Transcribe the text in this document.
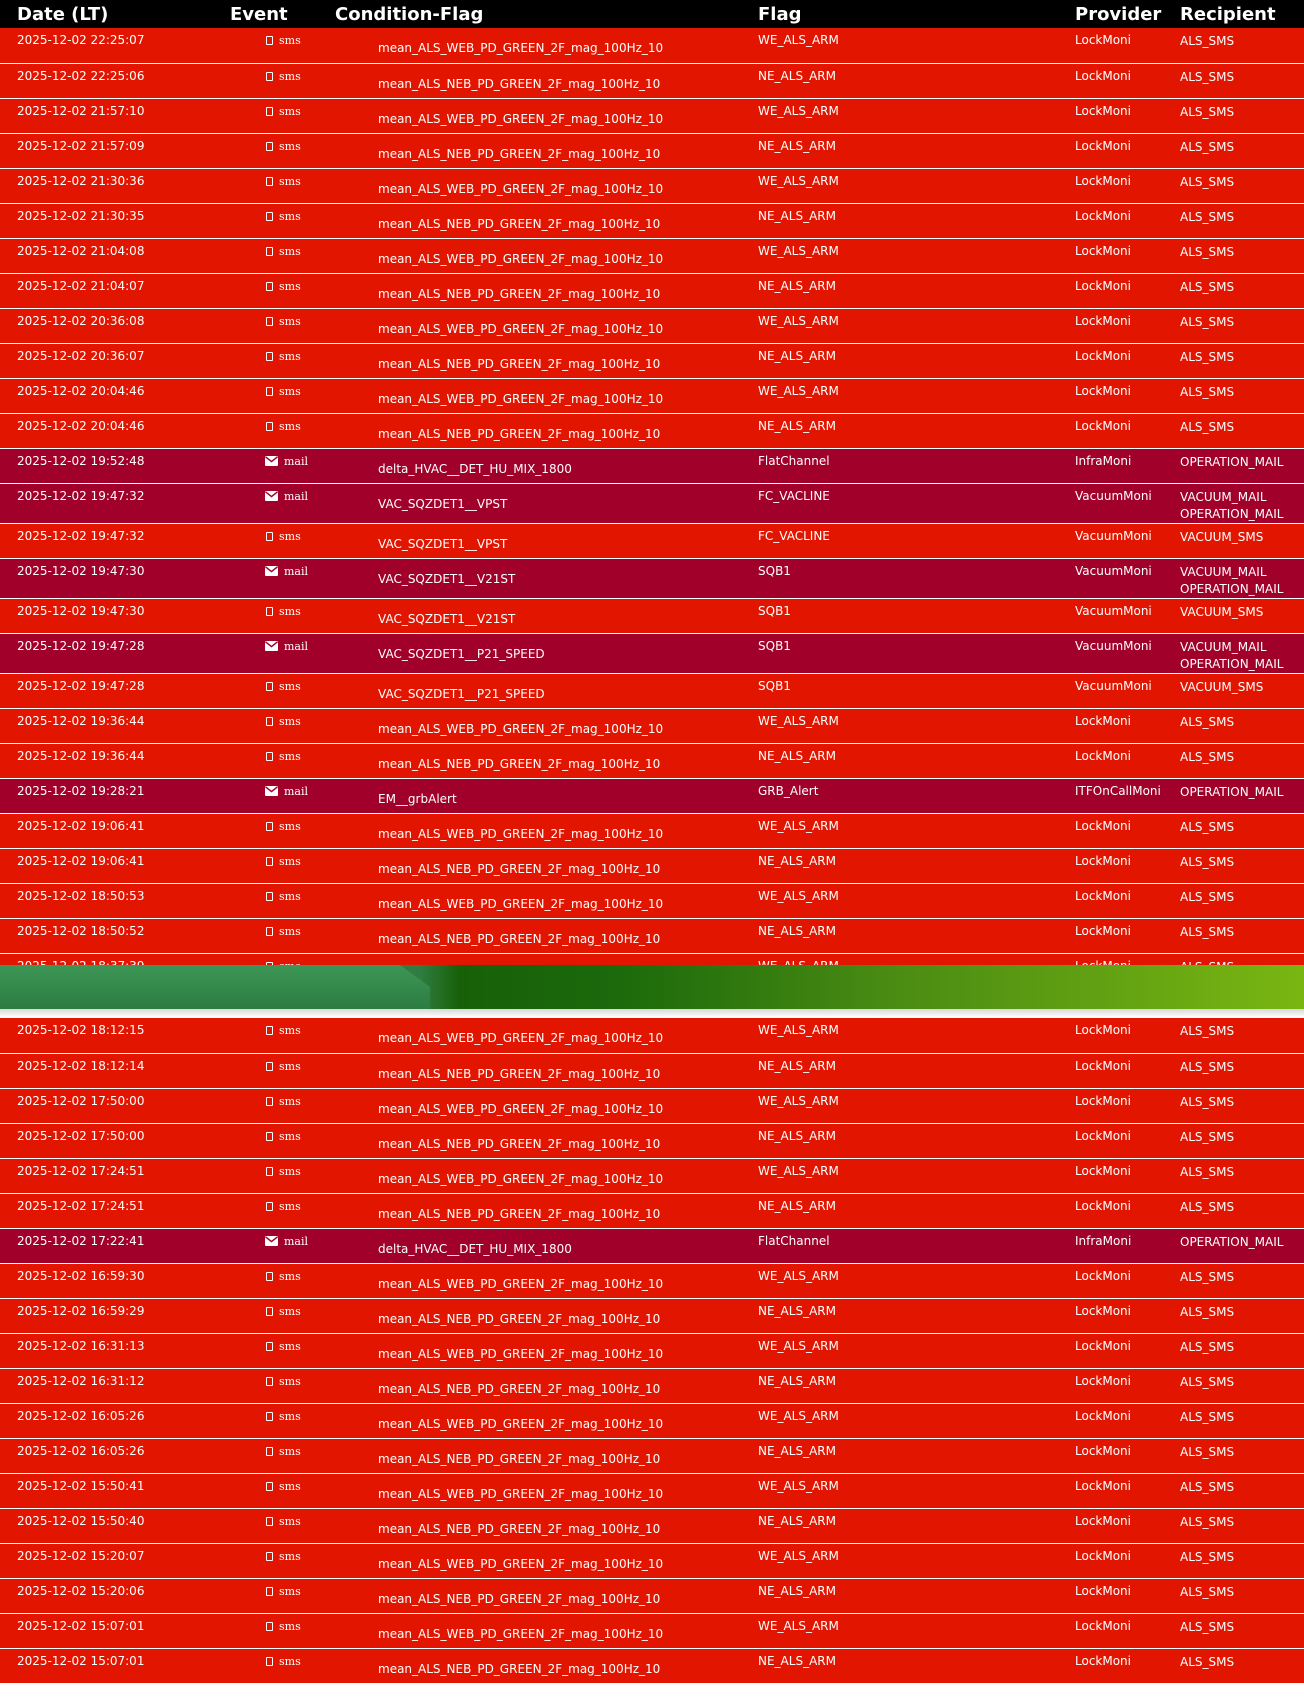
Date (LT)	Event	Condition-Flag	Flag	Provider	Recipient
2025-12-02 22:25:07	sms	mean_ALS_WEB_PD_GREEN_2F_mag_100Hz_10	WE_ALS_ARM	LockMoni	ALS_SMS
2025-12-02 22:25:06	sms	mean_ALS_NEB_PD_GREEN_2F_mag_100Hz_10	NE_ALS_ARM	LockMoni	ALS_SMS
2025-12-02 21:57:10	sms	mean_ALS_WEB_PD_GREEN_2F_mag_100Hz_10	WE_ALS_ARM	LockMoni	ALS_SMS
2025-12-02 21:57:09	sms	mean_ALS_NEB_PD_GREEN_2F_mag_100Hz_10	NE_ALS_ARM	LockMoni	ALS_SMS
2025-12-02 21:30:36	sms	mean_ALS_WEB_PD_GREEN_2F_mag_100Hz_10	WE_ALS_ARM	LockMoni	ALS_SMS
2025-12-02 21:30:35	sms	mean_ALS_NEB_PD_GREEN_2F_mag_100Hz_10	NE_ALS_ARM	LockMoni	ALS_SMS
2025-12-02 21:04:08	sms	mean_ALS_WEB_PD_GREEN_2F_mag_100Hz_10	WE_ALS_ARM	LockMoni	ALS_SMS
2025-12-02 21:04:07	sms	mean_ALS_NEB_PD_GREEN_2F_mag_100Hz_10	NE_ALS_ARM	LockMoni	ALS_SMS
2025-12-02 20:36:08	sms	mean_ALS_WEB_PD_GREEN_2F_mag_100Hz_10	WE_ALS_ARM	LockMoni	ALS_SMS
2025-12-02 20:36:07	sms	mean_ALS_NEB_PD_GREEN_2F_mag_100Hz_10	NE_ALS_ARM	LockMoni	ALS_SMS
2025-12-02 20:04:46	sms	mean_ALS_WEB_PD_GREEN_2F_mag_100Hz_10	WE_ALS_ARM	LockMoni	ALS_SMS
2025-12-02 20:04:46	sms	mean_ALS_NEB_PD_GREEN_2F_mag_100Hz_10	NE_ALS_ARM	LockMoni	ALS_SMS
2025-12-02 19:52:48	mail	delta_HVAC__DET_HU_MIX_1800	FlatChannel	InfraMoni	OPERATION_MAIL
2025-12-02 19:47:32	mail	VAC_SQZDET1__VPST	FC_VACLINE	VacuumMoni	VACUUM_MAIL
OPERATION_MAIL

2025-12-02 19:47:32	sms	VAC_SQZDET1__VPST	FC_VACLINE	VacuumMoni	VACUUM_SMS
2025-12-02 19:47:30	mail	VAC_SQZDET1__V21ST	SQB1	VacuumMoni	VACUUM_MAIL
OPERATION_MAIL

2025-12-02 19:47:30	sms	VAC_SQZDET1__V21ST	SQB1	VacuumMoni	VACUUM_SMS
2025-12-02 19:47:28	mail	VAC_SQZDET1__P21_SPEED	SQB1	VacuumMoni	VACUUM_MAIL
OPERATION_MAIL

2025-12-02 19:47:28	sms	VAC_SQZDET1__P21_SPEED	SQB1	VacuumMoni	VACUUM_SMS
2025-12-02 19:36:44	sms	mean_ALS_WEB_PD_GREEN_2F_mag_100Hz_10	WE_ALS_ARM	LockMoni	ALS_SMS
2025-12-02 19:36:44	sms	mean_ALS_NEB_PD_GREEN_2F_mag_100Hz_10	NE_ALS_ARM	LockMoni	ALS_SMS
2025-12-02 19:28:21	mail	EM__grbAlert	GRB_Alert	ITFOnCallMoni	OPERATION_MAIL
2025-12-02 19:06:41	sms	mean_ALS_WEB_PD_GREEN_2F_mag_100Hz_10	WE_ALS_ARM	LockMoni	ALS_SMS
2025-12-02 19:06:41	sms	mean_ALS_NEB_PD_GREEN_2F_mag_100Hz_10	NE_ALS_ARM	LockMoni	ALS_SMS
2025-12-02 18:50:53	sms	mean_ALS_WEB_PD_GREEN_2F_mag_100Hz_10	WE_ALS_ARM	LockMoni	ALS_SMS
2025-12-02 18:50:52	sms	mean_ALS_NEB_PD_GREEN_2F_mag_100Hz_10	NE_ALS_ARM	LockMoni	ALS_SMS

2025-12-02 18:12:15	sms	mean_ALS_WEB_PD_GREEN_2F_mag_100Hz_10	WE_ALS_ARM	LockMoni	ALS_SMS
2025-12-02 18:12:14	sms	mean_ALS_NEB_PD_GREEN_2F_mag_100Hz_10	NE_ALS_ARM	LockMoni	ALS_SMS
2025-12-02 17:50:00	sms	mean_ALS_WEB_PD_GREEN_2F_mag_100Hz_10	WE_ALS_ARM	LockMoni	ALS_SMS
2025-12-02 17:50:00	sms	mean_ALS_NEB_PD_GREEN_2F_mag_100Hz_10	NE_ALS_ARM	LockMoni	ALS_SMS
2025-12-02 17:24:51	sms	mean_ALS_WEB_PD_GREEN_2F_mag_100Hz_10	WE_ALS_ARM	LockMoni	ALS_SMS
2025-12-02 17:24:51	sms	mean_ALS_NEB_PD_GREEN_2F_mag_100Hz_10	NE_ALS_ARM	LockMoni	ALS_SMS
2025-12-02 17:22:41	mail	delta_HVAC__DET_HU_MIX_1800	FlatChannel	InfraMoni	OPERATION_MAIL
2025-12-02 16:59:30	sms	mean_ALS_WEB_PD_GREEN_2F_mag_100Hz_10	WE_ALS_ARM	LockMoni	ALS_SMS
2025-12-02 16:59:29	sms	mean_ALS_NEB_PD_GREEN_2F_mag_100Hz_10	NE_ALS_ARM	LockMoni	ALS_SMS
2025-12-02 16:31:13	sms	mean_ALS_WEB_PD_GREEN_2F_mag_100Hz_10	WE_ALS_ARM	LockMoni	ALS_SMS
2025-12-02 16:31:12	sms	mean_ALS_NEB_PD_GREEN_2F_mag_100Hz_10	NE_ALS_ARM	LockMoni	ALS_SMS
2025-12-02 16:05:26	sms	mean_ALS_WEB_PD_GREEN_2F_mag_100Hz_10	WE_ALS_ARM	LockMoni	ALS_SMS
2025-12-02 16:05:26	sms	mean_ALS_NEB_PD_GREEN_2F_mag_100Hz_10	NE_ALS_ARM	LockMoni	ALS_SMS
2025-12-02 15:50:41	sms	mean_ALS_WEB_PD_GREEN_2F_mag_100Hz_10	WE_ALS_ARM	LockMoni	ALS_SMS
2025-12-02 15:50:40	sms	mean_ALS_NEB_PD_GREEN_2F_mag_100Hz_10	NE_ALS_ARM	LockMoni	ALS_SMS
2025-12-02 15:20:07	sms	mean_ALS_WEB_PD_GREEN_2F_mag_100Hz_10	WE_ALS_ARM	LockMoni	ALS_SMS
2025-12-02 15:20:06	sms	mean_ALS_NEB_PD_GREEN_2F_mag_100Hz_10	NE_ALS_ARM	LockMoni	ALS_SMS
2025-12-02 15:07:01	sms	mean_ALS_WEB_PD_GREEN_2F_mag_100Hz_10	WE_ALS_ARM	LockMoni	ALS_SMS
2025-12-02 15:07:01	sms	mean_ALS_NEB_PD_GREEN_2F_mag_100Hz_10	NE_ALS_ARM	LockMoni	ALS_SMS
